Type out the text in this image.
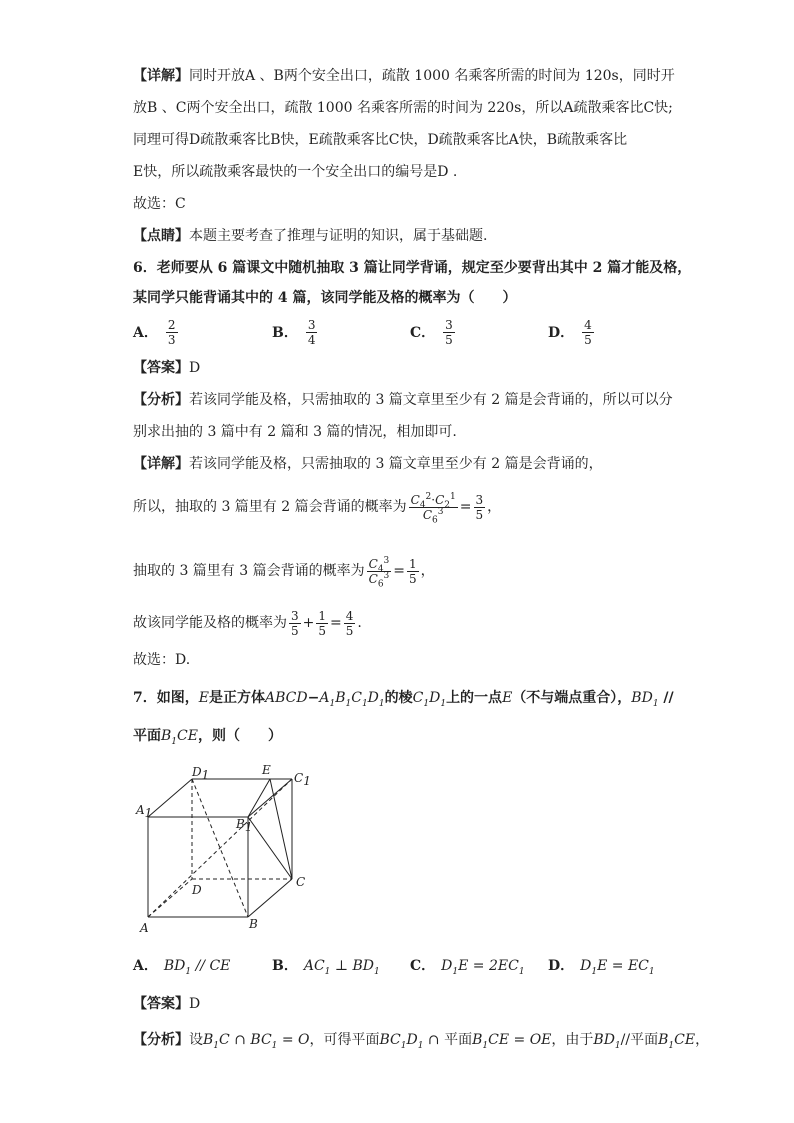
【详解】同时开放A 、B两个安全出口，疏散 1000 名乘客所需的时间为 120s，同时开
放B 、C两个安全出口，疏散 1000 名乘客所需的时间为 220s，所以A疏散乘客比C快;
同理可得D疏散乘客比B快，E疏散乘客比C快，D疏散乘客比A快，B疏散乘客比
E快，所以疏散乘客最快的一个安全出口的编号是D .
故选：C
【点睛】本题主要考查了推理与证明的知识，属于基础题.
6．老师要从 6 篇课文中随机抽取 3 篇让同学背诵，规定至少要背出其中 2 篇才能及格，
某同学只能背诵其中的 4 篇，该同学能及格的概率为（　　）
A． $\frac{2}{3}$	B． $\frac{3}{4}$	C． $\frac{3}{5}$	D． $\frac{4}{5}$
【答案】D
【分析】若该同学能及格，只需抽取的 3 篇文章里至少有 2 篇是会背诵的，所以可以分
别求出抽的 3 篇中有 2 篇和 3 篇的情况，相加即可.
【详解】若该同学能及格，只需抽取的 3 篇文章里至少有 2 篇是会背诵的，
所以，抽取的 3 篇里有 2 篇会背诵的概率为 $\frac{C_4^2\cdot C_2^1}{C_6^3} = \frac{3}{5}$ ，
抽取的 3 篇里有 3 篇会背诵的概率为 $\frac{C_4^3}{C_6^3} = \frac{1}{5}$ ，
故该同学能及格的概率为 $\frac{3}{5} + \frac{1}{5} = \frac{4}{5}$ .
故选：D.
7．如图，E是正方体$ABCD-A_1B_1C_1D_1$的棱$C_1D_1$上的一点E（不与端点重合），$BD_1$ //
平面$B_1CE$，则（　　）
A1
A	B
B1
C
C1
D
D1	E
A． $BD_1$ // CE	B． $AC_1$ ⊥ $BD_1$ C． $D_1E = 2EC_1$ D． $D_1E = EC_1$
【答案】D
【分析】设$B_1C$ ∩ $BC_1 = O$，可得平面$BC_1D_1$ ∩ 平面$B_1CE$ = OE，由于$BD_1//$平面$B_1CE$，
